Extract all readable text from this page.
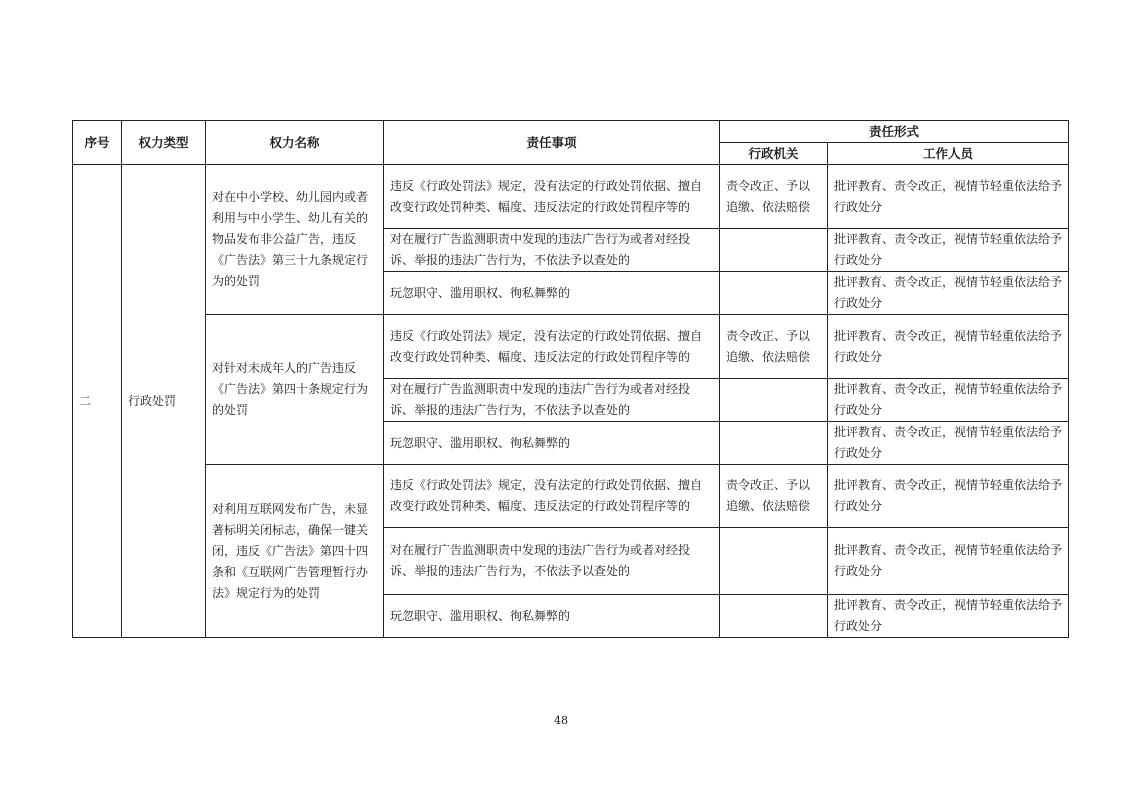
序号	权力类型	权力名称	责任事项	责任形式	
				行政机关	工作人员
二	行政处罚	对在中小学校、幼儿园内或者利用与中小学生、幼儿有关的物品发布非公益广告，违反《广告法》第三十九条规定行为的处罚	违反《行政处罚法》规定，没有法定的行政处罚依据、擅自改变行政处罚种类、幅度、违反法定的行政处罚程序等的	责令改正、予以追缴、依法赔偿	批评教育、责令改正，视情节轻重依法给予行政处分
			对在履行广告监测职责中发现的违法广告行为或者对经投诉、举报的违法广告行为，不依法予以查处的		批评教育、责令改正，视情节轻重依法给予行政处分
			玩忽职守、滥用职权、徇私舞弊的		批评教育、责令改正，视情节轻重依法给予行政处分
		对针对未成年人的广告违反《广告法》第四十条规定行为的处罚	违反《行政处罚法》规定，没有法定的行政处罚依据、擅自改变行政处罚种类、幅度、违反法定的行政处罚程序等的	责令改正、予以追缴、依法赔偿	批评教育、责令改正，视情节轻重依法给予行政处分
			对在履行广告监测职责中发现的违法广告行为或者对经投诉、举报的违法广告行为，不依法予以查处的		批评教育、责令改正，视情节轻重依法给予行政处分
			玩忽职守、滥用职权、徇私舞弊的		批评教育、责令改正，视情节轻重依法给予行政处分
		对利用互联网发布广告，未显著标明关闭标志，确保一键关闭，违反《广告法》第四十四条和《互联网广告管理暂行办法》规定行为的处罚	违反《行政处罚法》规定，没有法定的行政处罚依据、擅自改变行政处罚种类、幅度、违反法定的行政处罚程序等的	责令改正、予以追缴、依法赔偿	批评教育、责令改正，视情节轻重依法给予行政处分
			对在履行广告监测职责中发现的违法广告行为或者对经投诉、举报的违法广告行为，不依法予以查处的		批评教育、责令改正，视情节轻重依法给予行政处分
			玩忽职守、滥用职权、徇私舞弊的		批评教育、责令改正，视情节轻重依法给予行政处分
48
